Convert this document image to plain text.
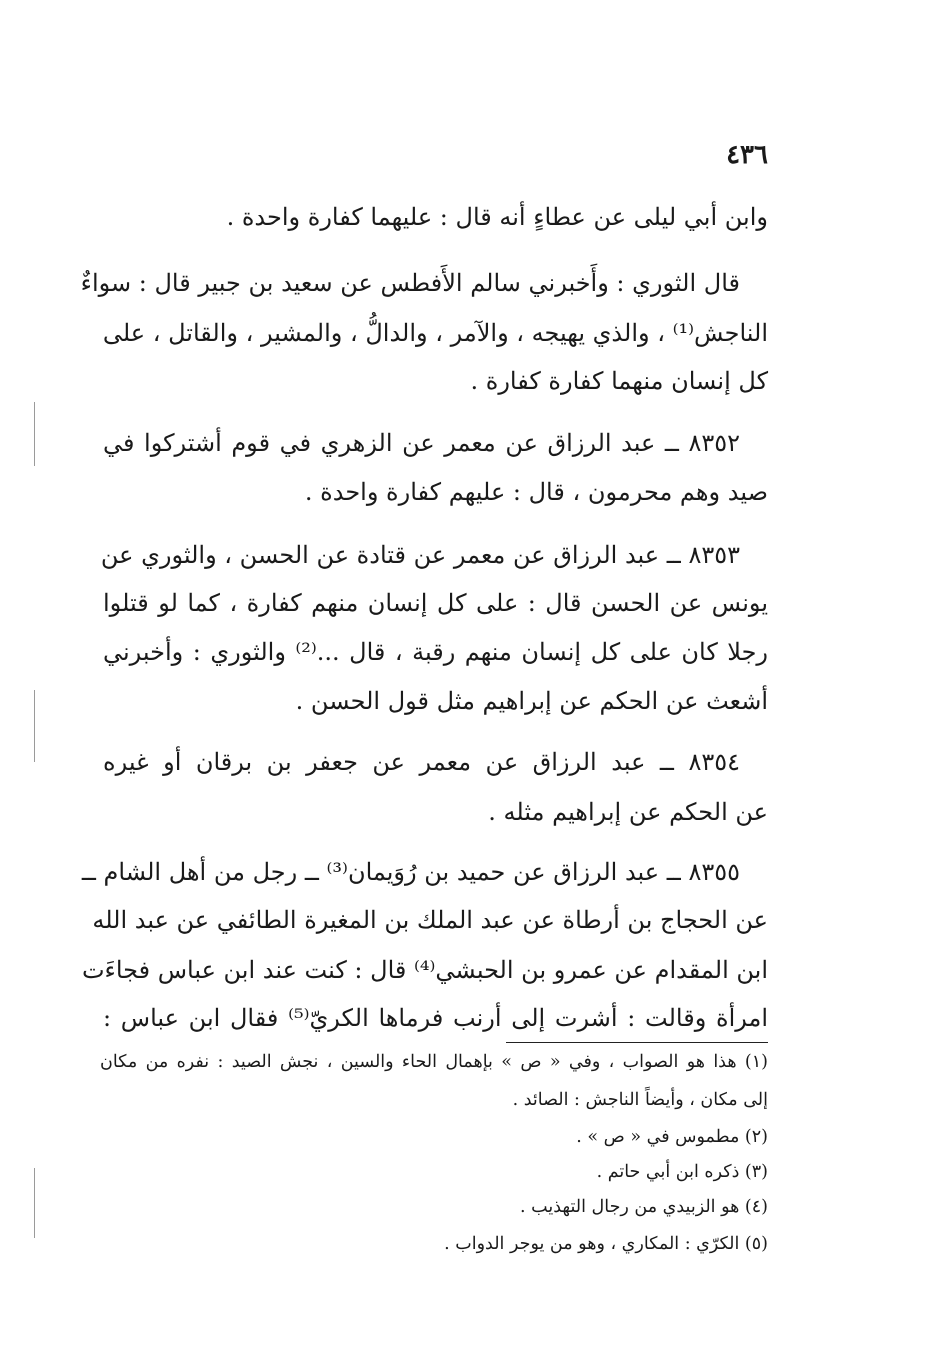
٤٣٦
وابن أبي ليلى عن عطاءٍ أنه قال : عليهما كفارة واحدة .
قال الثوري : وأَخبرني سالم الأَفطس عن سعيد بن جبير قال : سواءٌ
الناجش⁽¹⁾ ، والذي يهيجه ، والآمر ، والدالُّ ، والمشير ، والقاتل ، على
كل إنسان منهما كفارة كفارة .
٨٣٥٢ ــ عبد الرزاق عن معمر عن الزهري في قوم أشتركوا في
صيد وهم محرمون ، قال : عليهم كفارة واحدة .
٨٣٥٣ ــ عبد الرزاق عن معمر عن قتادة عن الحسن ، والثوري عن
يونس عن الحسن قال : على كل إنسان منهم كفارة ، كما لو قتلوا
رجلا كان على كل إنسان منهم رقبة ، قال ...⁽²⁾ والثوري : وأخبرني
أشعث عن الحكم عن إبراهيم مثل قول الحسن .
٨٣٥٤ ــ عبد الرزاق عن معمر عن جعفر بن برقان أو غيره
عن الحكم عن إبراهيم مثله .
٨٣٥٥ ــ عبد الرزاق عن حميد بن رُوَيمان⁽³⁾ ــ رجل من أهل الشام ــ
عن الحجاج بن أرطاة عن عبد الملك بن المغيرة الطائفي عن عبد الله
ابن المقدام عن عمرو بن الحبشي⁽⁴⁾ قال : كنت عند ابن عباس فجاءَت
امرأة وقالت : أشرت إلى أرنب فرماها الكريّ⁽⁵⁾ فقال ابن عباس :
(١) هذا هو الصواب ، وفي « ص » بإهمال الحاء والسين ، نجش الصيد : نفره من مكان
إلى مكان ، وأيضاً الناجش : الصائد .
(٢) مطموس في « ص » .
(٣) ذكره ابن أبي حاتم .
(٤) هو الزبيدي من رجال التهذيب .
(٥) الكرّي : المكاري ، وهو من يوجر الدواب .
